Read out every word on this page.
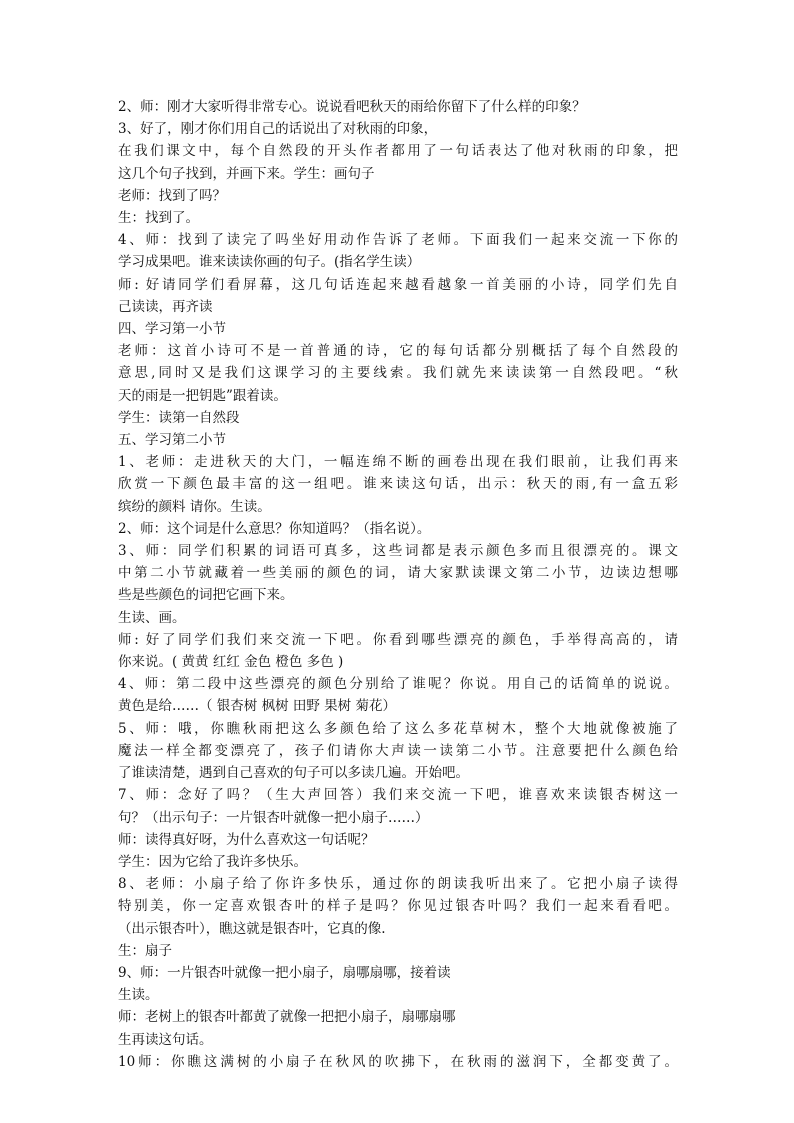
2、师：刚才大家听得非常专心。说说看吧秋天的雨给你留下了什么样的印象？

3、好了，刚才你们用自己的话说出了对秋雨的印象，

在我们课文中，每个自然段的开头作者都用了一句话表达了他对秋雨的印象，把

这几个句子找到，并画下来。学生：画句子

老师：找到了吗？

生：找到了。

4、师：找到了读完了吗坐好用动作告诉了老师。下面我们一起来交流一下你的

学习成果吧。谁来读读你画的句子。(指名学生读）

师: 好请同学们看屏幕，这几句话连起来越看越象一首美丽的小诗，同学们先自

己读读，再齐读

四、学习第一小节

老师：这首小诗可不是一首普通的诗，它的每句话都分别概括了每个自然段的

意思,同时又是我们这课学习的主要线索。我们就先来读读第一自然段吧。“秋

天的雨是一把钥匙”跟着读。

学生：读第一自然段

五、学习第二小节

1、老师：走进秋天的大门，一幅连绵不断的画卷出现在我们眼前，让我们再来

欣赏一下颜色最丰富的这一组吧。谁来读这句话，出示：秋天的雨,有一盒五彩

缤纷的颜料 请你。生读。

2、师：这个词是什么意思？你知道吗？（指名说）。

3、师：同学们积累的词语可真多，这些词都是表示颜色多而且很漂亮的。课文

中第二小节就藏着一些美丽的颜色的词，请大家默读课文第二小节，边读边想哪

些是些颜色的词把它画下来。

生读、画。

师: 好了同学们我们来交流一下吧。你看到哪些漂亮的颜色，手举得高高的，请

你来说。( 黄黄 红红 金色 橙色 多色 )

4、师：第二段中这些漂亮的颜色分别给了谁呢？你说。用自己的话简单的说说。

黄色是给……（ 银杏树 枫树 田野 果树 菊花）

5、师：哦，你瞧秋雨把这么多颜色给了这么多花草树木，整个大地就像被施了

魔法一样全都变漂亮了，孩子们请你大声读一读第二小节。注意要把什么颜色给

了谁读清楚，遇到自己喜欢的句子可以多读几遍。开始吧。

7、师：念好了吗？（生大声回答）我们来交流一下吧，谁喜欢来读银杏树这一

句？（出示句子：一片银杏叶就像一把小扇子……）

师：读得真好呀，为什么喜欢这一句话呢？

学生：因为它给了我许多快乐。

8、老师：小扇子给了你许多快乐，通过你的朗读我听出来了。它把小扇子读得

特别美，你一定喜欢银杏叶的样子是吗？你见过银杏叶吗？我们一起来看看吧。

（出示银杏叶），瞧这就是银杏叶，它真的像.

生：扇子

9、师：一片银杏叶就像一把小扇子，扇哪扇哪，接着读

生读。

师：老树上的银杏叶都黄了就像一把把小扇子，扇哪扇哪

生再读这句话。

10师：你瞧这满树的小扇子在秋风的吹拂下，在秋雨的滋润下，全都变黄了。
